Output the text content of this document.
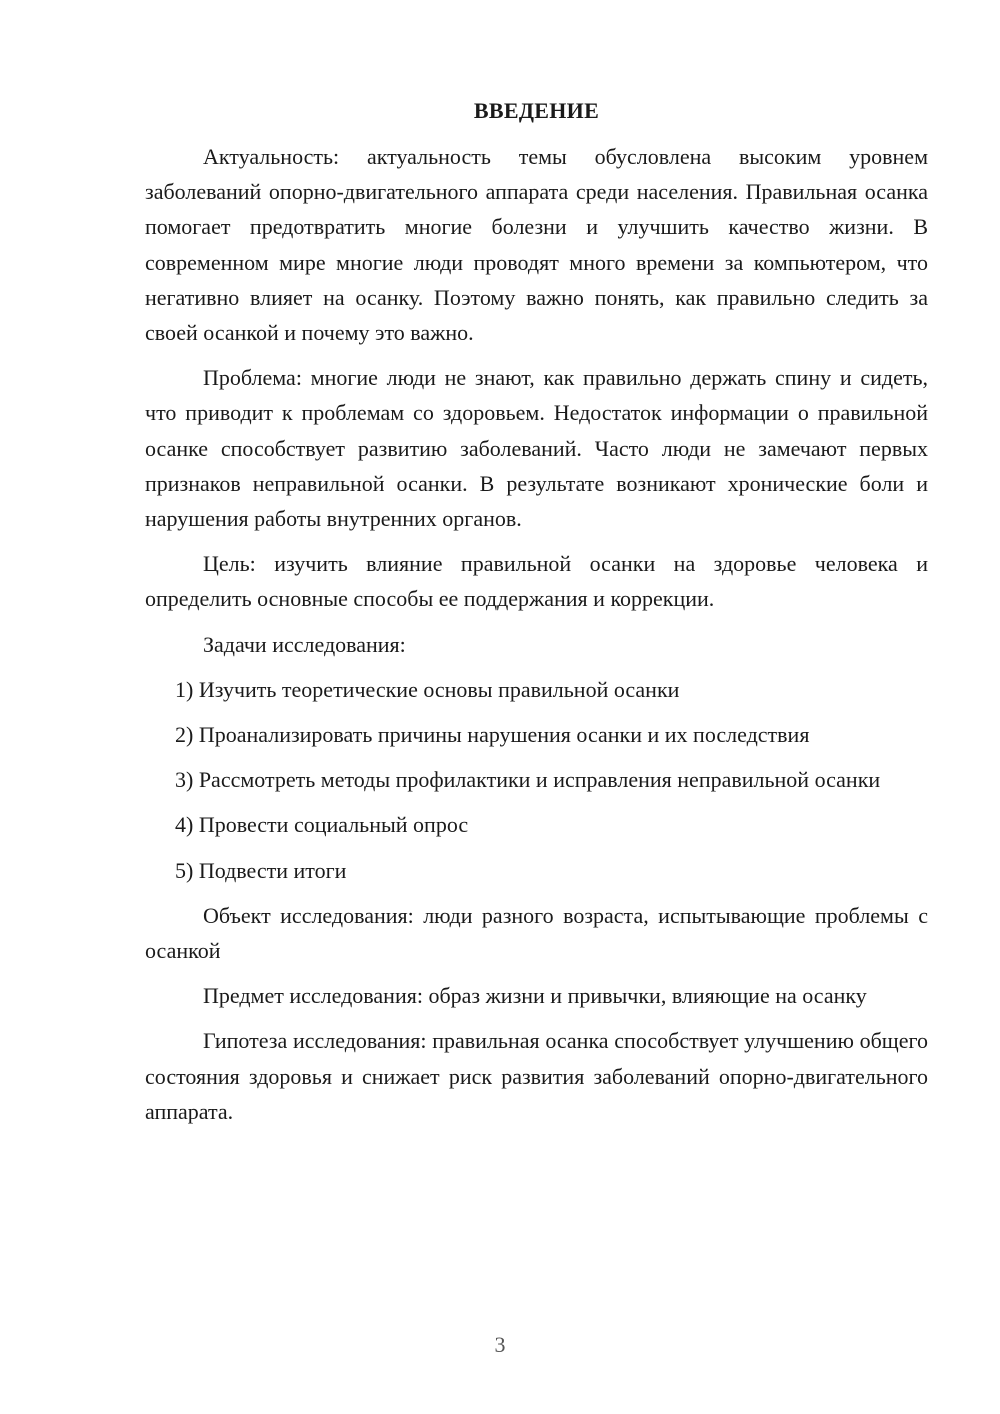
ВВЕДЕНИЕ

Актуальность: актуальность темы обусловлена высоким уровнем заболеваний опорно-двигательного аппарата среди населения. Правильная осанка помогает предотвратить многие болезни и улучшить качество жизни. В современном мире многие люди проводят много времени за компьютером, что негативно влияет на осанку. Поэтому важно понять, как правильно следить за своей осанкой и почему это важно.

Проблема: многие люди не знают, как правильно держать спину и сидеть, что приводит к проблемам со здоровьем. Недостаток информации о правильной осанке способствует развитию заболеваний. Часто люди не замечают первых признаков неправильной осанки. В результате возникают хронические боли и нарушения работы внутренних органов.

Цель: изучить влияние правильной осанки на здоровье человека и определить основные способы ее поддержания и коррекции.

Задачи исследования:

1) Изучить теоретические основы правильной осанки

2) Проанализировать причины нарушения осанки и их последствия

3) Рассмотреть методы профилактики и исправления неправильной осанки

4) Провести социальный опрос

5) Подвести итоги

Объект исследования: люди разного возраста, испытывающие проблемы с осанкой

Предмет исследования: образ жизни и привычки, влияющие на осанку

Гипотеза исследования: правильная осанка способствует улучшению общего состояния здоровья и снижает риск развития заболеваний опорно-двигательного аппарата.

3
